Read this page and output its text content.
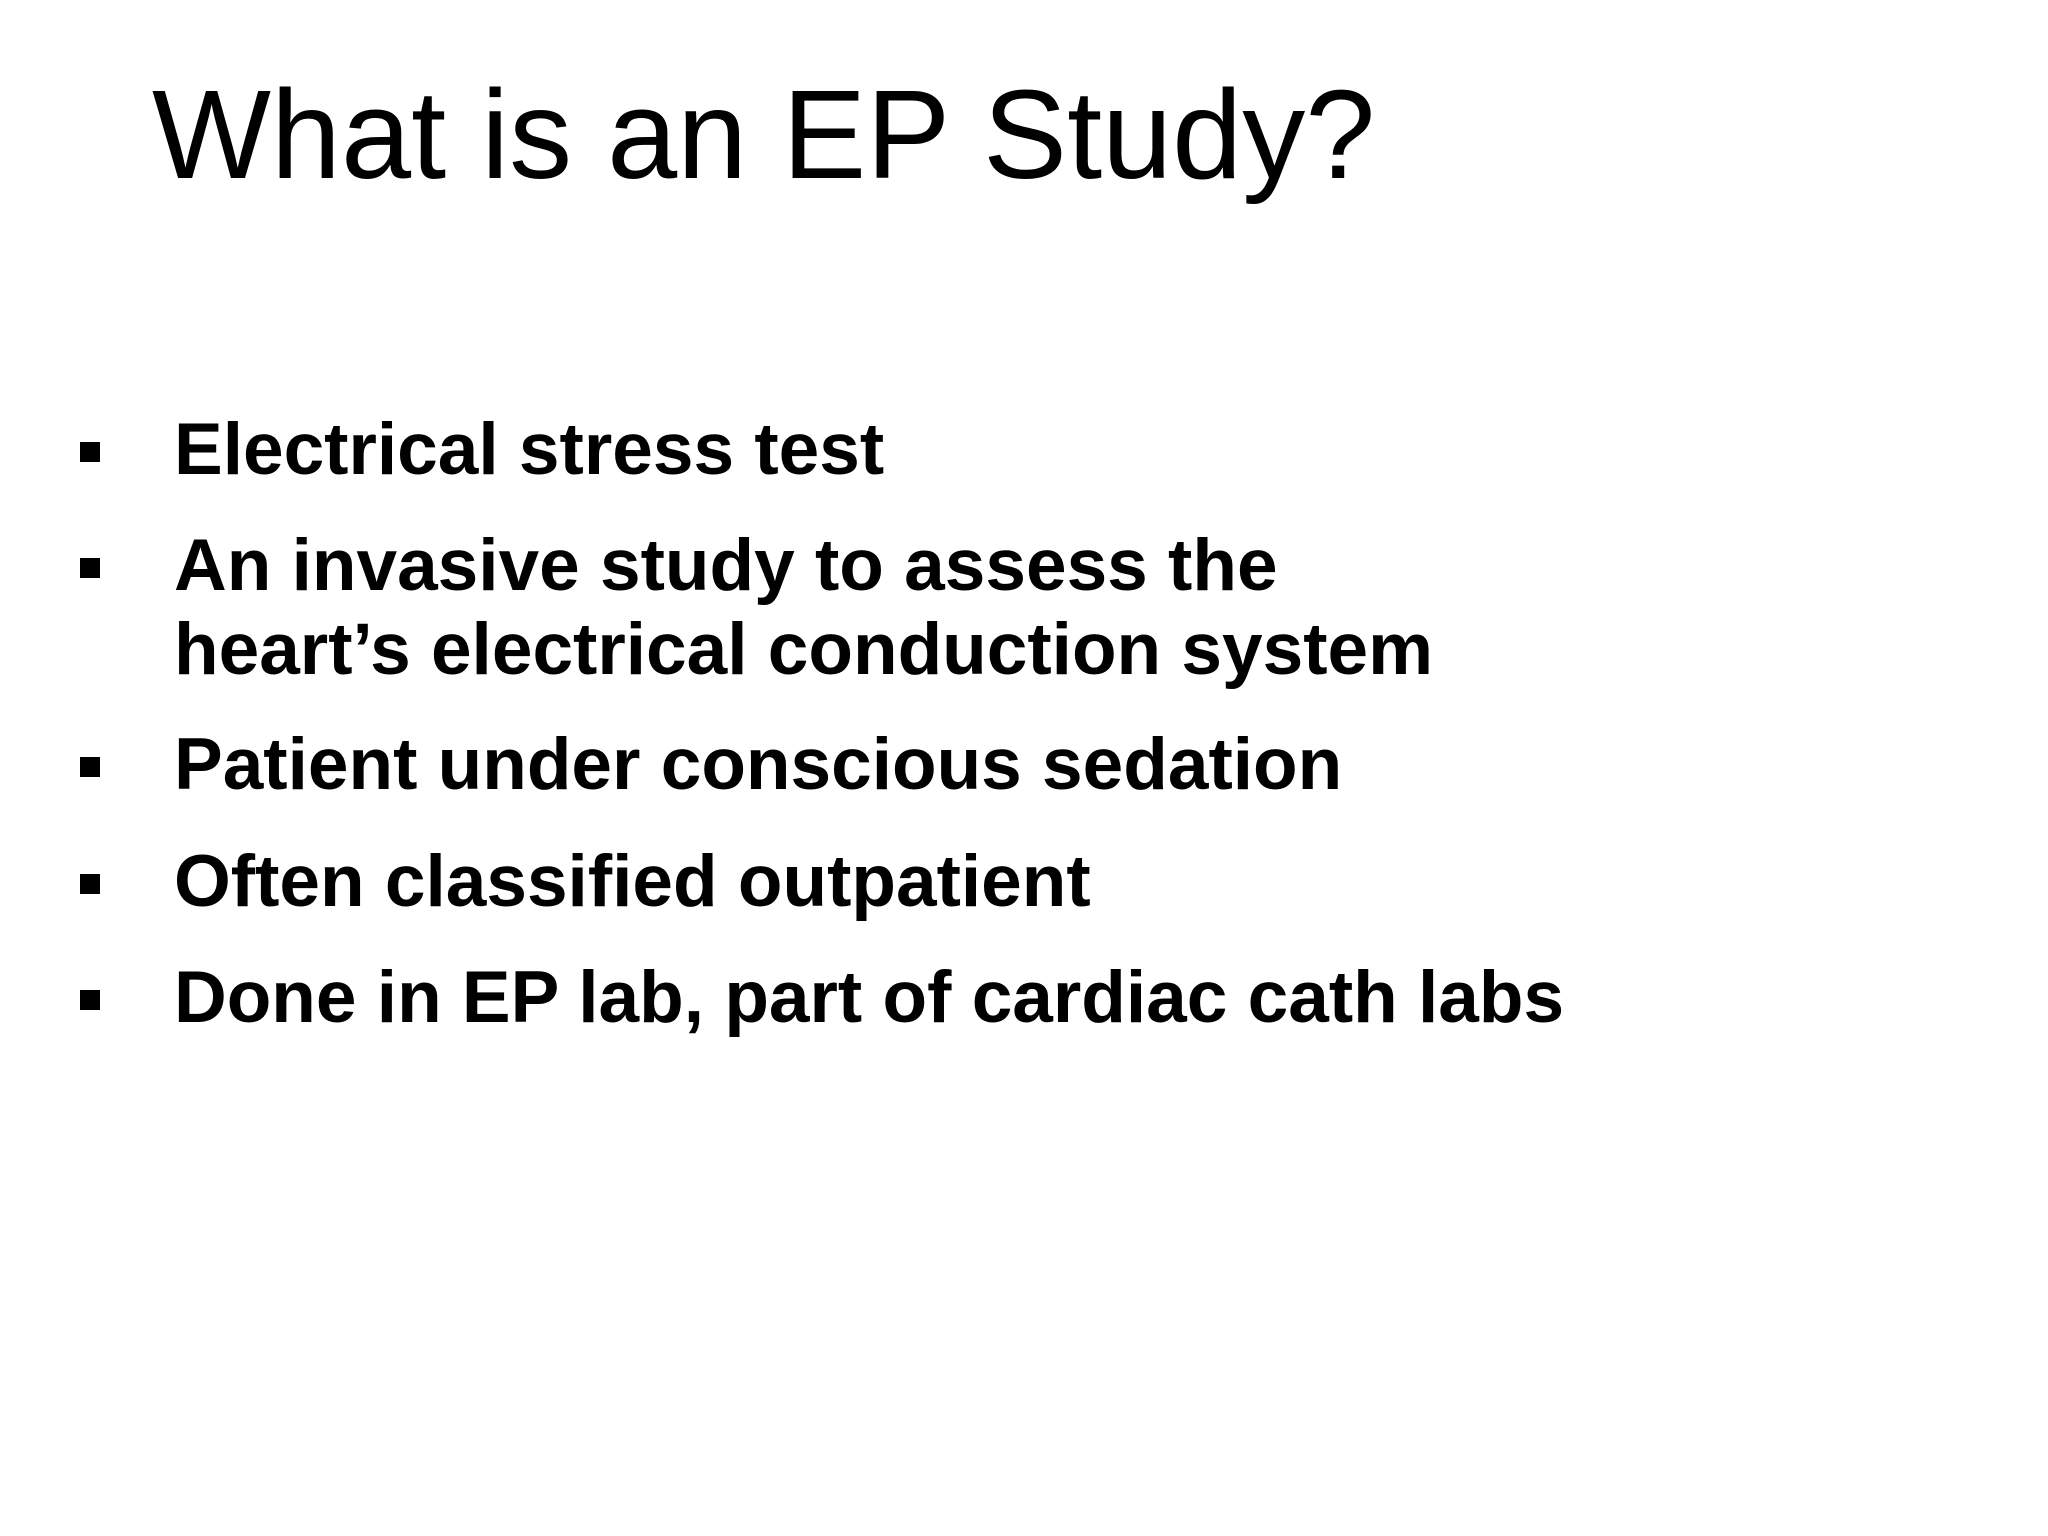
What is an EP Study?

Electrical stress test

An invasive study to assess the
heart’s electrical conduction system

Patient under conscious sedation

Often classified outpatient

Done in EP lab, part of cardiac cath labs
